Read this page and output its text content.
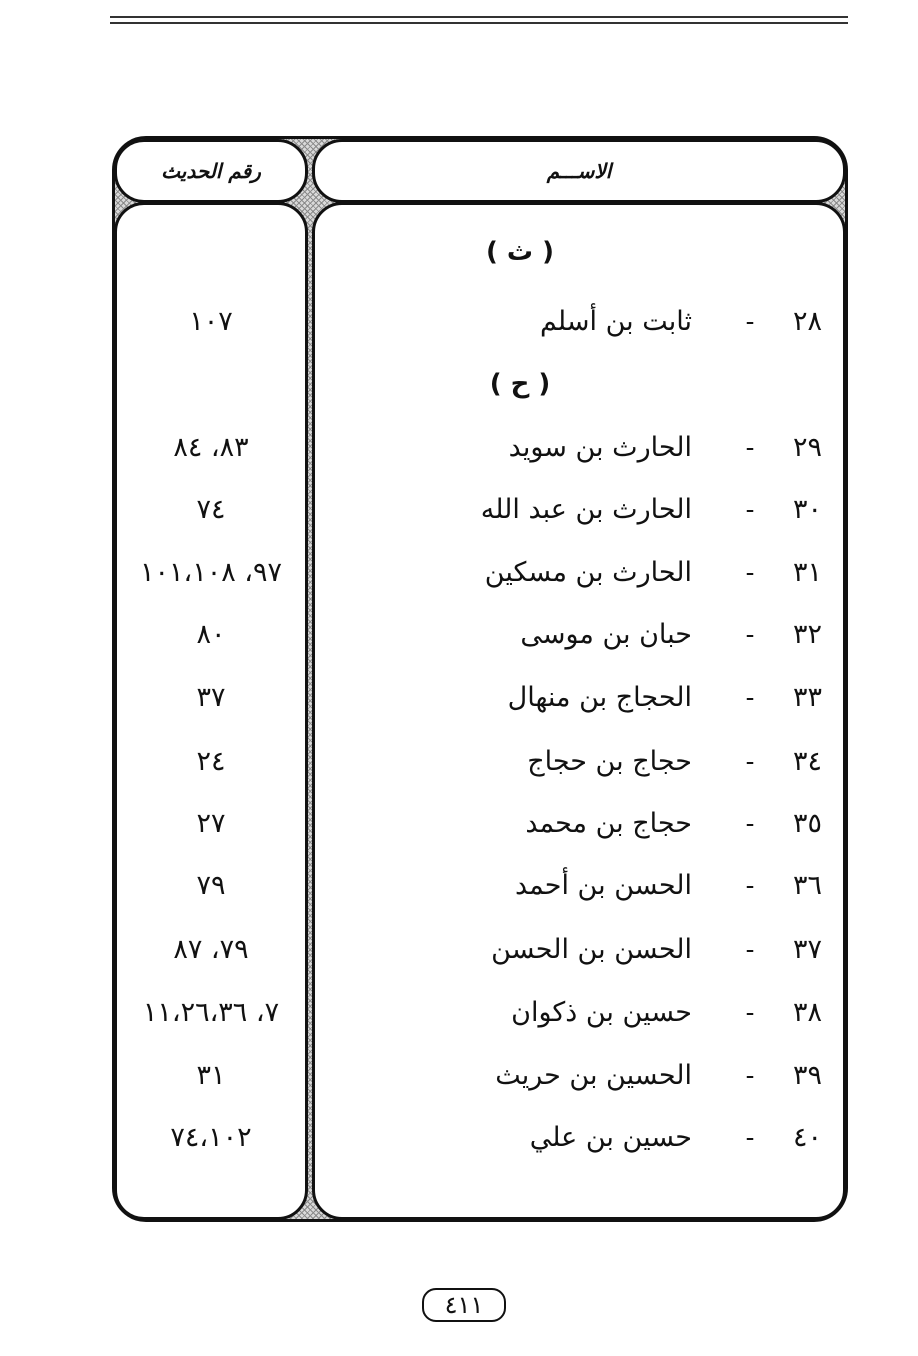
الاســـم
رقم الحديث
( ث )
٢٨
-
ثابت بن أسلم
١٠٧
( ح )
٢٩
-
الحارث بن سويد
٨٣، ٨٤
٣٠
-
الحارث بن عبد الله
٧٤
٣١
-
الحارث بن مسكين
٩٧، ١٠١،١٠٨
٣٢
-
حبان بن موسى
٨٠
٣٣
-
الحجاج بن منهال
٣٧
٣٤
-
حجاج بن حجاج
٢٤
٣٥
-
حجاج بن محمد
٢٧
٣٦
-
الحسن بن أحمد
٧٩
٣٧
-
الحسن بن الحسن
٧٩، ٨٧
٣٨
-
حسين بن ذكوان
٧، ١١،٢٦،٣٦
٣٩
-
الحسين بن حريث
٣١
٤٠
-
حسين بن علي
٧٤،١٠٢
٤١١
